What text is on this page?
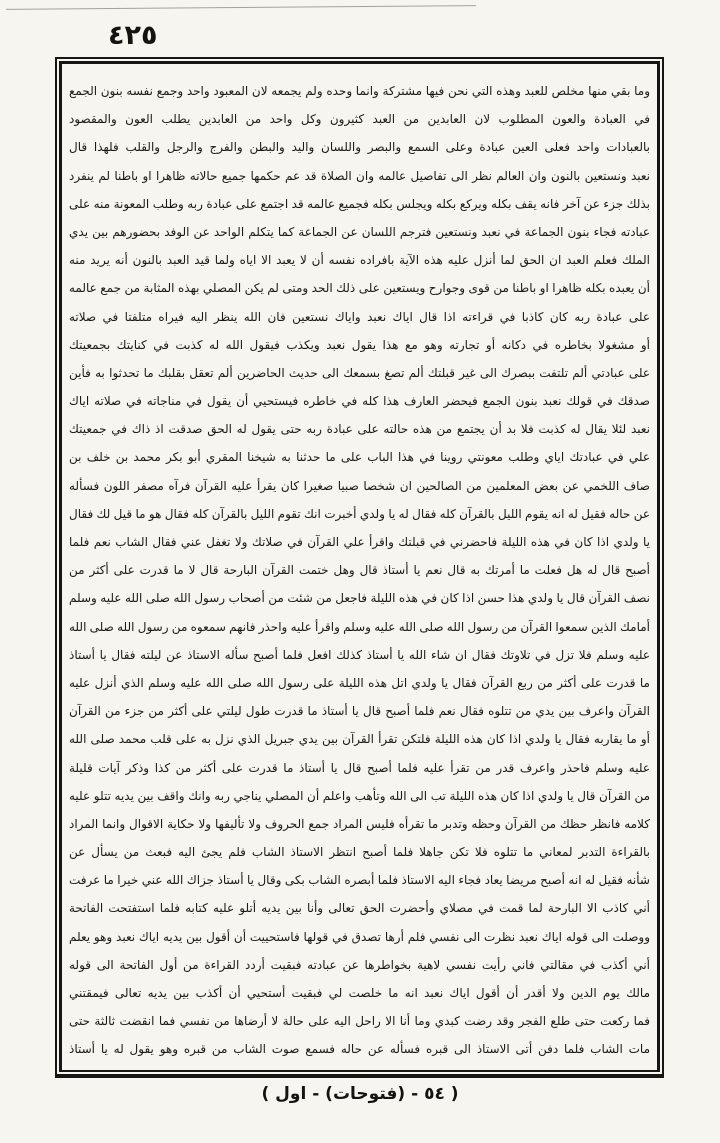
٤٢٥
وما بقي منها مخلص للعبد وهذه التي نحن فيها مشتركة وانما وحده ولم يجمعه لان المعبود واحد وجمع نفسه بنون الجمع
في العبادة والعون المطلوب لان العابدين من العبد كثيرون وكل واحد من العابدين يطلب العون والمقصود
بالعبادات واحد فعلى العين عبادة وعلى السمع والبصر واللسان واليد والبطن والفرج والرجل والقلب فلهذا قال
نعبد ونستعين بالنون وان العالم نظر الى تفاصيل عالمه وان الصلاة قد عم حكمها جميع حالاته ظاهرا او باطنا لم ينفرد
بذلك جزء عن آخر فانه يقف بكله ويركع بكله ويجلس بكله فجميع عالمه قد اجتمع على عبادة ربه وطلب المعونة منه على
عبادته فجاء بنون الجماعة في نعبد ونستعين فترجم اللسان عن الجماعة كما يتكلم الواحد عن الوفد بحضورهم بين يدي
الملك فعلم العبد ان الحق لما أنزل عليه هذه الآية بافراده نفسه أن لا يعبد الا اياه ولما قيد العبد بالنون أنه يريد منه
أن يعبده بكله ظاهرا او باطنا من قوى وجوارح ويستعين على ذلك الحد ومتى لم يكن المصلي بهذه المثابة من جمع عالمه
على عبادة ربه كان كاذبا في قراءته اذا قال اياك نعبد واياك نستعين فان الله ينظر اليه فيراه متلفتا في صلاته
أو مشغولا بخاطره في دكانه أو تجارته وهو مع هذا يقول نعبد ويكذب فيقول الله له كذبت في كنايتك بجمعيتك
على عبادتي ألم تلتفت ببصرك الى غير قبلتك ألم تصغ بسمعك الى حديث الحاضرين ألم تعقل بقلبك ما تحدثوا به فأين
صدقك في قولك نعبد بنون الجمع فيحضر العارف هذا كله في خاطره فيستحيي أن يقول في مناجاته في صلاته اياك
نعبد لئلا يقال له كذبت فلا بد أن يجتمع من هذه حالته على عبادة ربه حتى يقول له الحق صدقت اذ ذاك في جمعيتك
علي في عبادتك اياي وطلب معونتي روينا في هذا الباب على ما حدثنا به شيخنا المقري أبو بكر محمد بن خلف بن
صاف اللخمي عن بعض المعلمين من الصالحين ان شخصا صبيا صغيرا كان يقرأ عليه القرآن فرآه مصفر اللون فسأله
عن حاله فقيل له انه يقوم الليل بالقرآن كله فقال له يا ولدي أخبرت انك تقوم الليل بالقرآن كله فقال هو ما قيل لك فقال
يا ولدي اذا كان في هذه الليلة فاحضرني في قبلتك واقرأ علي القرآن في صلاتك ولا تغفل عني فقال الشاب نعم فلما
أصبح قال له هل فعلت ما أمرتك به قال نعم يا أستاذ قال وهل ختمت القرآن البارحة قال لا ما قدرت على أكثر من
نصف القرآن قال يا ولدي هذا حسن اذا كان في هذه الليلة فاجعل من شئت من أصحاب رسول الله صلى الله عليه وسلم
أمامك الذين سمعوا القرآن من رسول الله صلى الله عليه وسلم واقرأ عليه واحذر فانهم سمعوه من رسول الله صلى الله
عليه وسلم فلا تزل في تلاوتك فقال ان شاء الله يا أستاذ كذلك افعل فلما أصبح سأله الاستاذ عن ليلته فقال يا أستاذ
ما قدرت على أكثر من ربع القرآن فقال يا ولدي اتل هذه الليلة على رسول الله صلى الله عليه وسلم الذي أنزل عليه
القرآن واعرف بين يدي من تتلوه فقال نعم فلما أصبح قال يا أستاذ ما قدرت طول ليلتي على أكثر من جزء من القرآن
أو ما يقاربه فقال يا ولدي اذا كان هذه الليلة فلتكن تقرأ القرآن بين يدي جبريل الذي نزل به على قلب محمد صلى الله
عليه وسلم فاحذر واعرف قدر من تقرأ عليه فلما أصبح قال يا أستاذ ما قدرت على أكثر من كذا وذكر آيات قليلة
من القرآن قال يا ولدي اذا كان هذه الليلة تب الى الله وتأهب واعلم أن المصلي يناجي ربه وانك واقف بين يديه تتلو عليه
كلامه فانظر حظك من القرآن وحظه وتدبر ما تقرأه فليس المراد جمع الحروف ولا تأليفها ولا حكاية الاقوال وانما المراد
بالقراءة التدبر لمعاني ما تتلوه فلا تكن جاهلا فلما أصبح انتظر الاستاذ الشاب فلم يجئ اليه فبعث من يسأل عن
شأنه فقيل له انه أصبح مريضا يعاد فجاء اليه الاستاذ فلما أبصره الشاب بكى وقال يا أستاذ جزاك الله عني خيرا ما عرفت
أني كاذب الا البارحة لما قمت في مصلاي وأحضرت الحق تعالى وأنا بين يديه أتلو عليه كتابه فلما استفتحت الفاتحة
ووصلت الى قوله اياك نعبد نظرت الى نفسي فلم أرها تصدق في قولها فاستحييت أن أقول بين يديه اياك نعبد وهو يعلم
أني أكذب في مقالتي فاني رأيت نفسي لاهية بخواطرها عن عبادته فبقيت أردد القراءة من أول الفاتحة الى قوله
مالك يوم الدين ولا أقدر أن أقول اياك نعبد انه ما خلصت لي فبقيت أستحيي أن أكذب بين يديه تعالى فيمقتني
فما ركعت حتى طلع الفجر وقد رضت كبدي وما أنا الا راحل اليه على حالة لا أرضاها من نفسي فما انقضت ثالثة حتى
مات الشاب فلما دفن أتى الاستاذ الى قبره فسأله عن حاله فسمع صوت الشاب من قبره وهو يقول له يا أستاذ
( ٥٤ - (فتوحات) - اول )
